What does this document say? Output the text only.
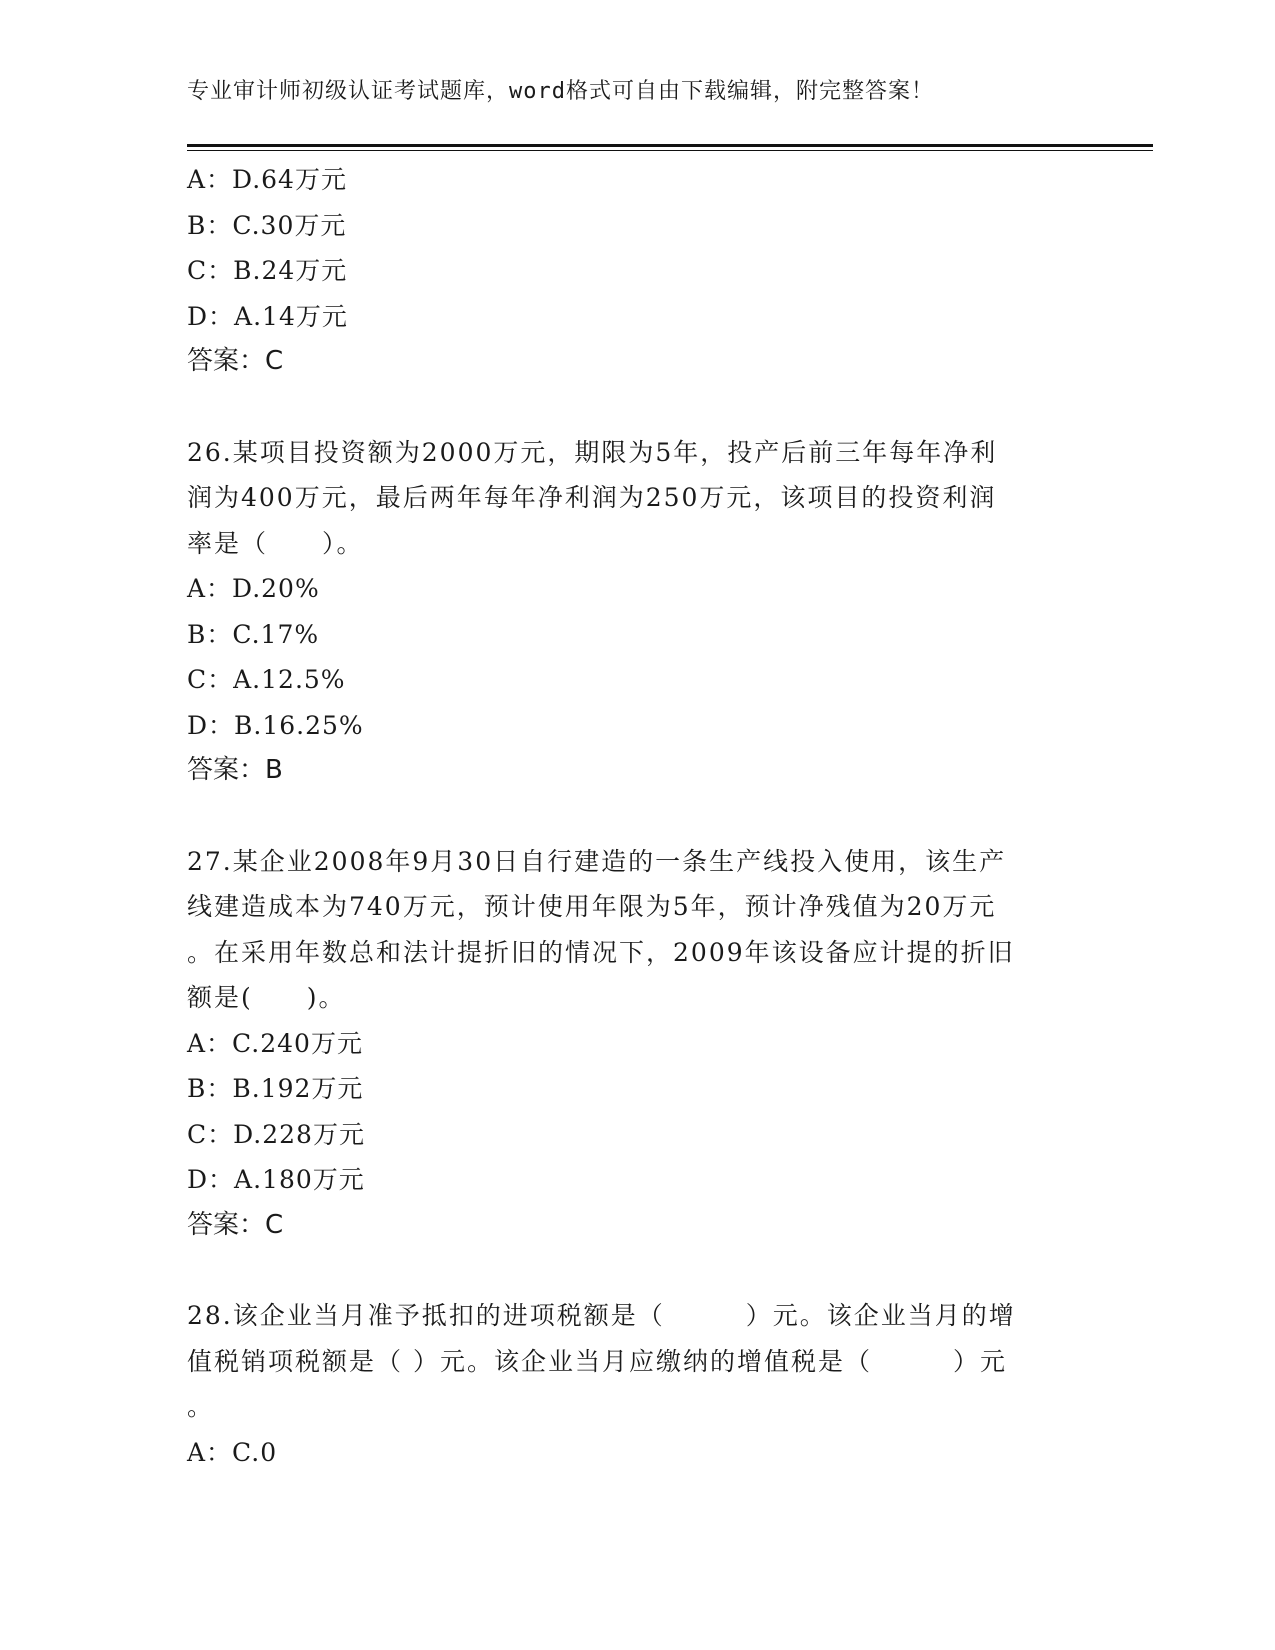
专业审计师初级认证考试题库，word格式可自由下载编辑，附完整答案！
A：D.64万元
B：C.30万元
C：B.24万元
D：A.14万元
答案：C
26.某项目投资额为2000万元，期限为5年，投产后前三年每年净利
润为400万元，最后两年每年净利润为250万元，该项目的投资利润
率是（　　）。
A：D.20%
B：C.17%
C：A.12.5%
D：B.16.25%
答案：B
27.某企业2008年9月30日自行建造的一条生产线投入使用，该生产
线建造成本为740万元，预计使用年限为5年，预计净残值为20万元
。在采用年数总和法计提折旧的情况下，2009年该设备应计提的折旧
额是(　　)。
A：C.240万元
B：B.192万元
C：D.228万元
D：A.180万元
答案：C
28.该企业当月准予抵扣的进项税额是（　　　）元。该企业当月的增
值税销项税额是（ ）元。该企业当月应缴纳的增值税是（　　　）元
。
A：C.0
